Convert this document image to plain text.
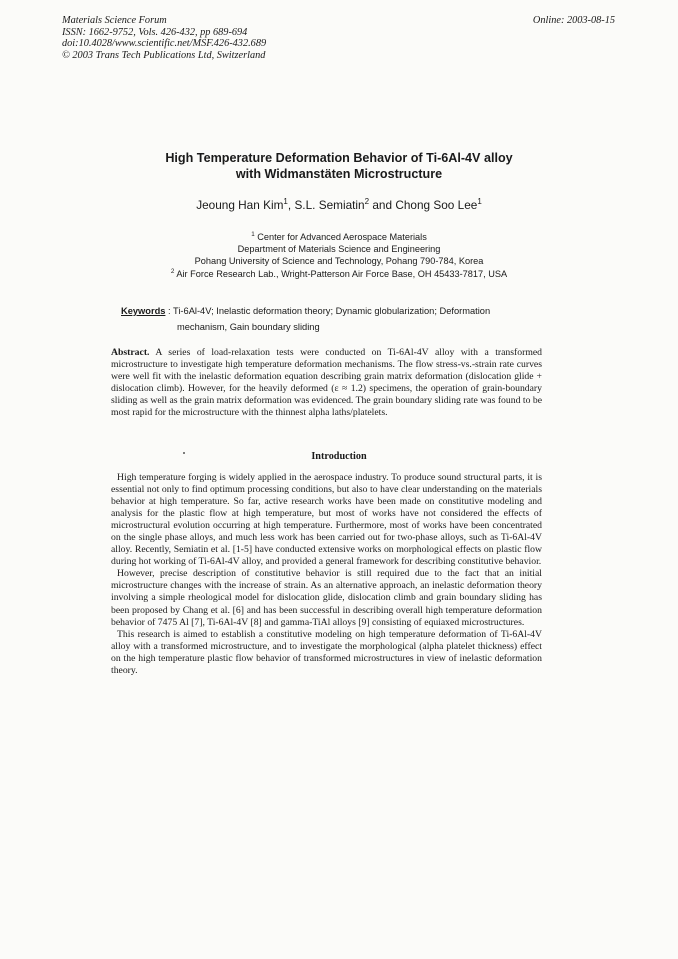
Materials Science Forum
ISSN: 1662-9752, Vols. 426-432, pp 689-694
doi:10.4028/www.scientific.net/MSF.426-432.689
© 2003 Trans Tech Publications Ltd, Switzerland
Online: 2003-08-15
High Temperature Deformation Behavior of Ti-6Al-4V alloy
with Widmanstäten Microstructure
Jeoung Han Kim$^1$, S.L. Semiatin$^2$ and Chong Soo Lee$^1$
$^1$ Center for Advanced Aerospace Materials
Department of Materials Science and Engineering
Pohang University of Science and Technology, Pohang 790-784, Korea
$^2$ Air Force Research Lab., Wright-Patterson Air Force Base, OH 45433-7817, USA
Keywords : Ti-6Al-4V; Inelastic deformation theory; Dynamic globularization; Deformation
mechanism, Gain boundary sliding
Abstract. A series of load-relaxation tests were conducted on Ti-6Al-4V alloy with a transformed microstructure to investigate high temperature deformation mechanisms. The flow stress-vs.-strain rate curves were well fit with the inelastic deformation equation describing grain matrix deformation (dislocation glide + dislocation climb). However, for the heavily deformed (ε ≈ 1.2) specimens, the operation of grain-boundary sliding as well as the grain matrix deformation was evidenced. The grain boundary sliding rate was found to be most rapid for the microstructure with the thinnest alpha laths/platelets.
Introduction

High temperature forging is widely applied in the aerospace industry. To produce sound structural parts, it is essential not only to find optimum processing conditions, but also to have clear understanding on the materials behavior at high temperature. So far, active research works have been made on constitutive modeling and analysis for the plastic flow at high temperature, but most of works have not considered the effects of microstructural evolution occurring at high temperature. Furthermore, most of works have been concentrated on the single phase alloys, and much less work has been carried out for two-phase alloys, such as Ti-6Al-4V alloy. Recently, Semiatin et al. [1-5] have conducted extensive works on morphological effects on plastic flow during hot working of Ti-6Al-4V alloy, and provided a general framework for describing constitutive behavior.

However, precise description of constitutive behavior is still required due to the fact that an initial microstructure changes with the increase of strain. As an alternative approach, an inelastic deformation theory involving a simple rheological model for dislocation glide, dislocation climb and grain boundary sliding has been proposed by Chang et al. [6] and has been successful in describing overall high temperature deformation behavior of 7475 Al [7], Ti-6Al-4V [8] and gamma-TiAl alloys [9] consisting of equiaxed microstructures.

This research is aimed to establish a constitutive modeling on high temperature deformation of Ti-6Al-4V alloy with a transformed microstructure, and to investigate the morphological (alpha platelet thickness) effect on the high temperature plastic flow behavior of transformed microstructures in view of inelastic deformation theory.
